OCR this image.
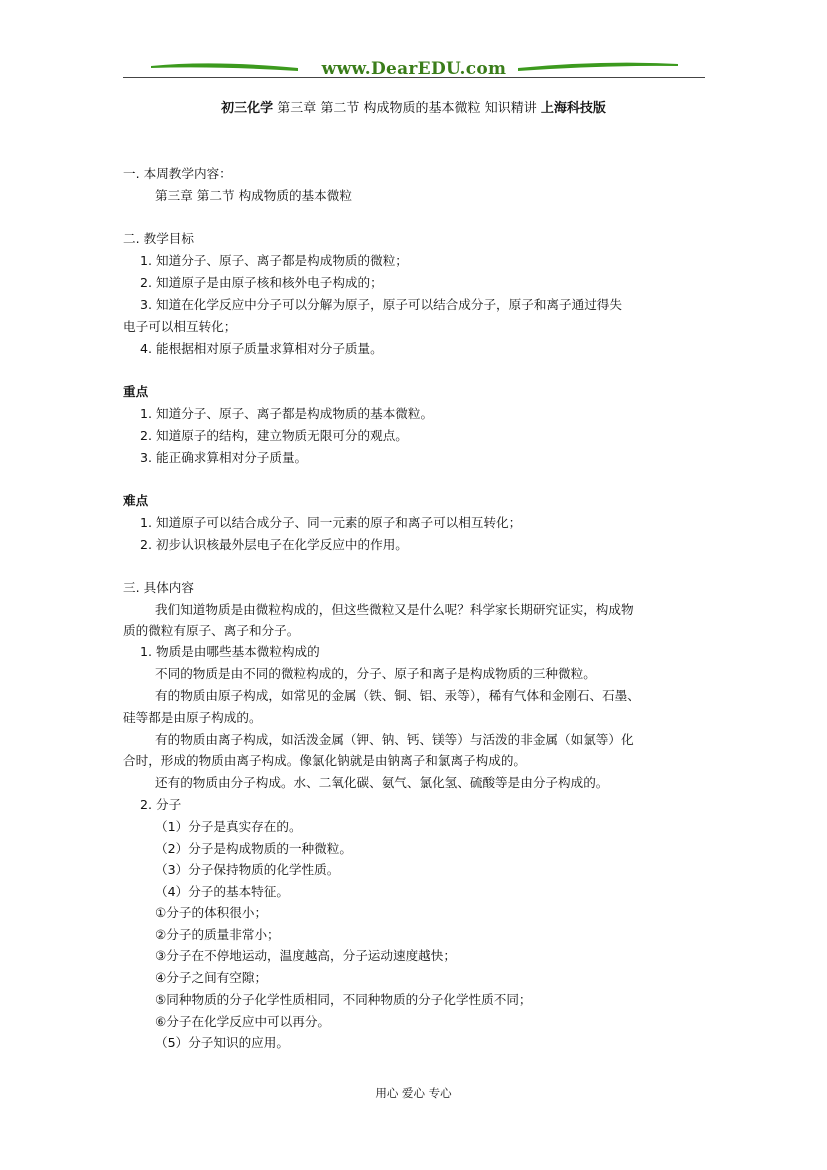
www.DearEDU.com
初三化学 第三章 第二节 构成物质的基本微粒 知识精讲 上海科技版
一. 本周教学内容：
第三章 第二节 构成物质的基本微粒
二. 教学目标
1. 知道分子、原子、离子都是构成物质的微粒；
2. 知道原子是由原子核和核外电子构成的；
3. 知道在化学反应中分子可以分解为原子，原子可以结合成分子，原子和离子通过得失
电子可以相互转化；
4. 能根据相对原子质量求算相对分子质量。
重点
1. 知道分子、原子、离子都是构成物质的基本微粒。
2. 知道原子的结构，建立物质无限可分的观点。
3. 能正确求算相对分子质量。
难点
1. 知道原子可以结合成分子、同一元素的原子和离子可以相互转化；
2. 初步认识核最外层电子在化学反应中的作用。
三. 具体内容
我们知道物质是由微粒构成的，但这些微粒又是什么呢？科学家长期研究证实，构成物
质的微粒有原子、离子和分子。
1. 物质是由哪些基本微粒构成的
不同的物质是由不同的微粒构成的，分子、原子和离子是构成物质的三种微粒。
有的物质由原子构成，如常见的金属（铁、铜、铝、汞等），稀有气体和金刚石、石墨、
硅等都是由原子构成的。
有的物质由离子构成，如活泼金属（钾、钠、钙、镁等）与活泼的非金属（如氯等）化
合时，形成的物质由离子构成。像氯化钠就是由钠离子和氯离子构成的。
还有的物质由分子构成。水、二氧化碳、氨气、氯化氢、硫酸等是由分子构成的。
2. 分子
（1）分子是真实存在的。
（2）分子是构成物质的一种微粒。
（3）分子保持物质的化学性质。
（4）分子的基本特征。
①分子的体积很小；
②分子的质量非常小；
③分子在不停地运动，温度越高，分子运动速度越快；
④分子之间有空隙；
⑤同种物质的分子化学性质相同，不同种物质的分子化学性质不同；
⑥分子在化学反应中可以再分。
（5）分子知识的应用。
用心 爱心 专心
